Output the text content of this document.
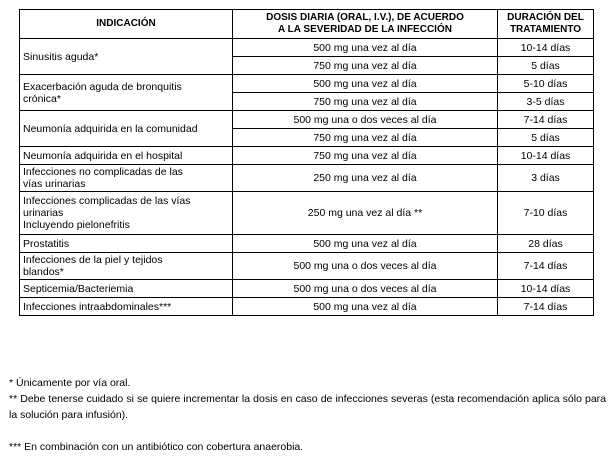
INDICACIÓN	DOSIS DIARIA (ORAL, I.V.), DE ACUERDO
A LA SEVERIDAD DE LA INFECCIÓN	DURACIÓN DEL
TRATAMIENTO
Sinusitis aguda*	500 mg una vez al día	10-14 días
	750 mg una vez al día	5 días
Exacerbación aguda de bronquitis
crónica*	500 mg una vez al día	5-10 días
	750 mg una vez al día	3-5 días
Neumonía adquirida en la comunidad	500 mg una o dos veces al día	7-14 días
	750 mg una vez al día	5 días
Neumonía adquirida en el hospital	750 mg una vez al día	10-14 días
Infecciones no complicadas de las
vías urinarias	250 mg una vez al día	3 días
Infecciones complicadas de las vías
urinarias
Incluyendo pielonefritis	250 mg una vez al día **	7-10 días
Prostatitis	500 mg una vez al día	28 días
Infecciones de la piel y tejidos
blandos*	500 mg una o dos veces al día	7-14 días
Septicemia/Bacteriemia	500 mg una o dos veces al día	10-14 días
Infecciones intraabdominales***	500 mg una vez al día	7-14 días

* Únicamente por vía oral.

** Debe tenerse cuidado si se quiere incrementar la dosis en caso de infecciones severas (esta recomendación aplica sólo para la solución para infusión).

*** En combinación con un antibiótico con cobertura anaerobia.
